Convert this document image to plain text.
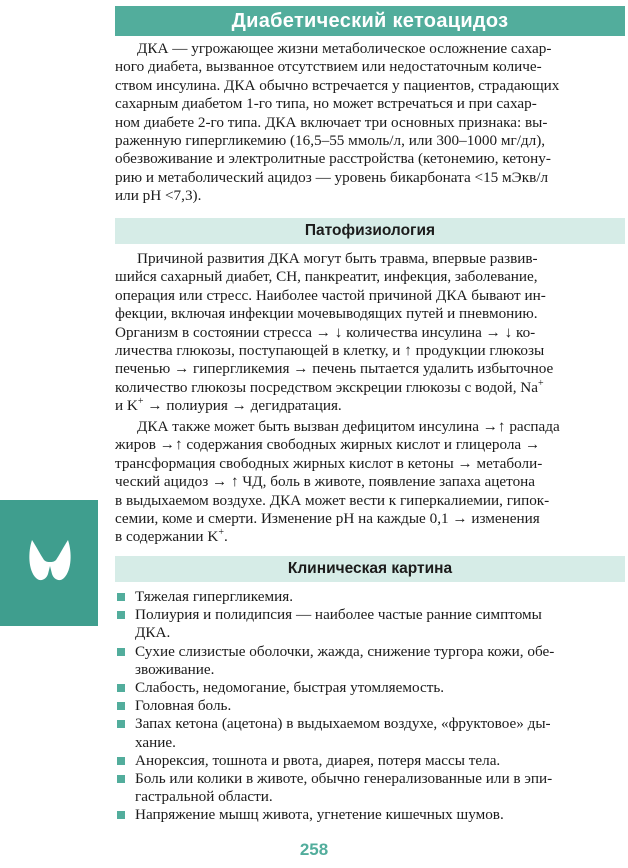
Диабетический кетоацидоз
ДКА — угрожающее жизни метаболическое осложнение сахар-
ного диабета, вызванное отсутствием или недостаточным количе-
ством инсулина. ДКА обычно встречается у пациентов, страдающих
сахарным диабетом 1-го типа, но может встречаться и при сахар-
ном диабете 2-го типа. ДКА включает три основных признака: вы-
раженную гипергликемию (16,5–55 ммоль/л, или 300–1000 мг/дл),
обезвоживание и электролитные расстройства (кетонемию, кетону-
рию и метаболический ацидоз — уровень бикарбоната <15 мЭкв/л
или pH <7,3).
Патофизиология
Причиной развития ДКА могут быть травма, впервые развив-
шийся сахарный диабет, СН, панкреатит, инфекция, заболевание,
операция или стресс. Наиболее частой причиной ДКА бывают ин-
фекции, включая инфекции мочевыводящих путей и пневмонию.
Организм в состоянии стресса → ↓ количества инсулина → ↓ ко-
личества глюкозы, поступающей в клетку, и ↑ продукции глюкозы
печенью → гипергликемия → печень пытается удалить избыточное
количество глюкозы посредством экскреции глюкозы с водой, Na+
и K+ → полиурия → дегидратация.
ДКА также может быть вызван дефицитом инсулина →↑ распада
жиров →↑ содержания свободных жирных кислот и глицерола →
трансформация свободных жирных кислот в кетоны → метаболи-
ческий ацидоз → ↑ ЧД, боль в животе, появление запаха ацетона
в выдыхаемом воздухе. ДКА может вести к гиперкалиемии, гипок-
семии, коме и смерти. Изменение pH на каждые 0,1 → изменения
в содержании K+.
Клиническая картина
Тяжелая гипергликемия.
Полиурия и полидипсия — наиболее частые ранние симптомы
ДКА.
Сухие слизистые оболочки, жажда, снижение тургора кожи, обе-
звоживание.
Слабость, недомогание, быстрая утомляемость.
Головная боль.
Запах кетона (ацетона) в выдыхаемом воздухе, «фруктовое» ды-
хание.
Анорексия, тошнота и рвота, диарея, потеря массы тела.
Боль или колики в животе, обычно генерализованные или в эпи-
гастральной области.
Напряжение мышц живота, угнетение кишечных шумов.
258
